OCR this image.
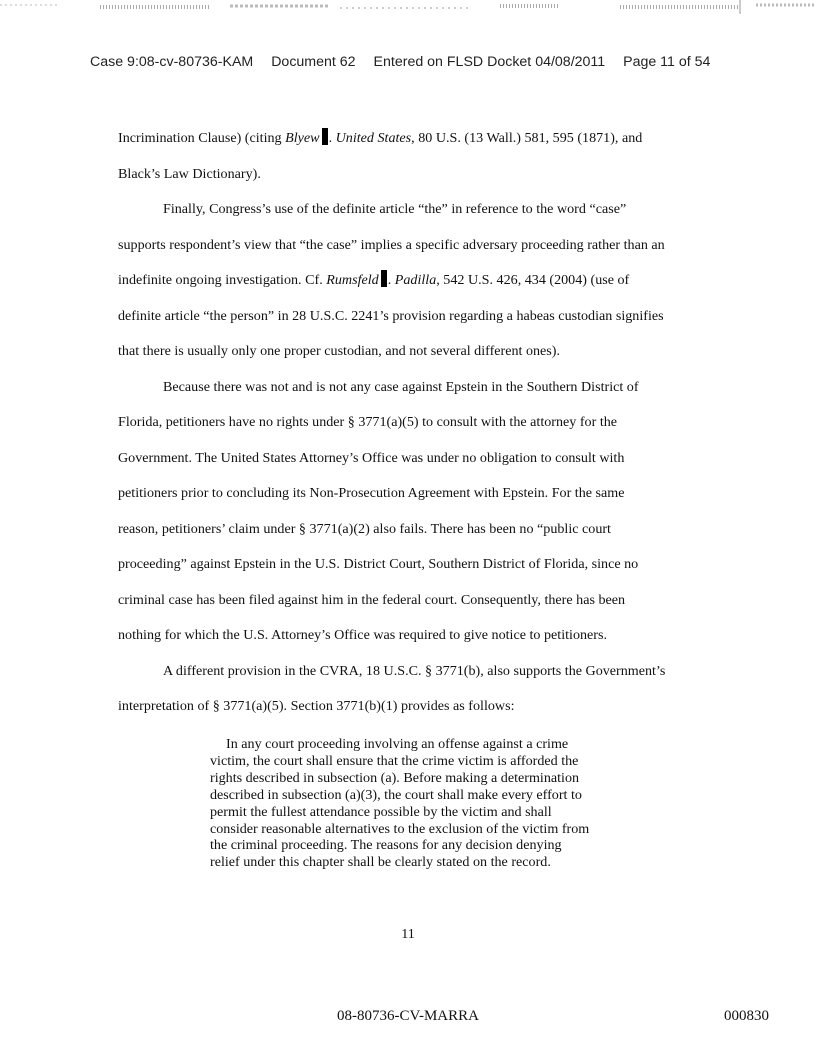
Case 9:08-cv-80736-KAM Document 62 Entered on FLSD Docket 04/08/2011 Page 11 of 54
Incrimination Clause) (citing Blyew . United States, 80 U.S. (13 Wall.) 581, 595 (1871), and
Black’s Law Dictionary).
Finally, Congress’s use of the definite article “the” in reference to the word “case”
supports respondent’s view that “the case” implies a specific adversary proceeding rather than an
indefinite ongoing investigation. Cf. Rumsfeld . Padilla, 542 U.S. 426, 434 (2004) (use of
definite article “the person” in 28 U.S.C. 2241’s provision regarding a habeas custodian signifies
that there is usually only one proper custodian, and not several different ones).
Because there was not and is not any case against Epstein in the Southern District of
Florida, petitioners have no rights under § 3771(a)(5) to consult with the attorney for the
Government. The United States Attorney’s Office was under no obligation to consult with
petitioners prior to concluding its Non-Prosecution Agreement with Epstein. For the same
reason, petitioners’ claim under § 3771(a)(2) also fails. There has been no “public court
proceeding” against Epstein in the U.S. District Court, Southern District of Florida, since no
criminal case has been filed against him in the federal court. Consequently, there has been
nothing for which the U.S. Attorney’s Office was required to give notice to petitioners.
A different provision in the CVRA, 18 U.S.C. § 3771(b), also supports the Government’s
interpretation of § 3771(a)(5). Section 3771(b)(1) provides as follows:
In any court proceeding involving an offense against a crime
victim, the court shall ensure that the crime victim is afforded the
rights described in subsection (a). Before making a determination
described in subsection (a)(3), the court shall make every effort to
permit the fullest attendance possible by the victim and shall
consider reasonable alternatives to the exclusion of the victim from
the criminal proceeding. The reasons for any decision denying
relief under this chapter shall be clearly stated on the record.
11
08-80736-CV-MARRA	000830
